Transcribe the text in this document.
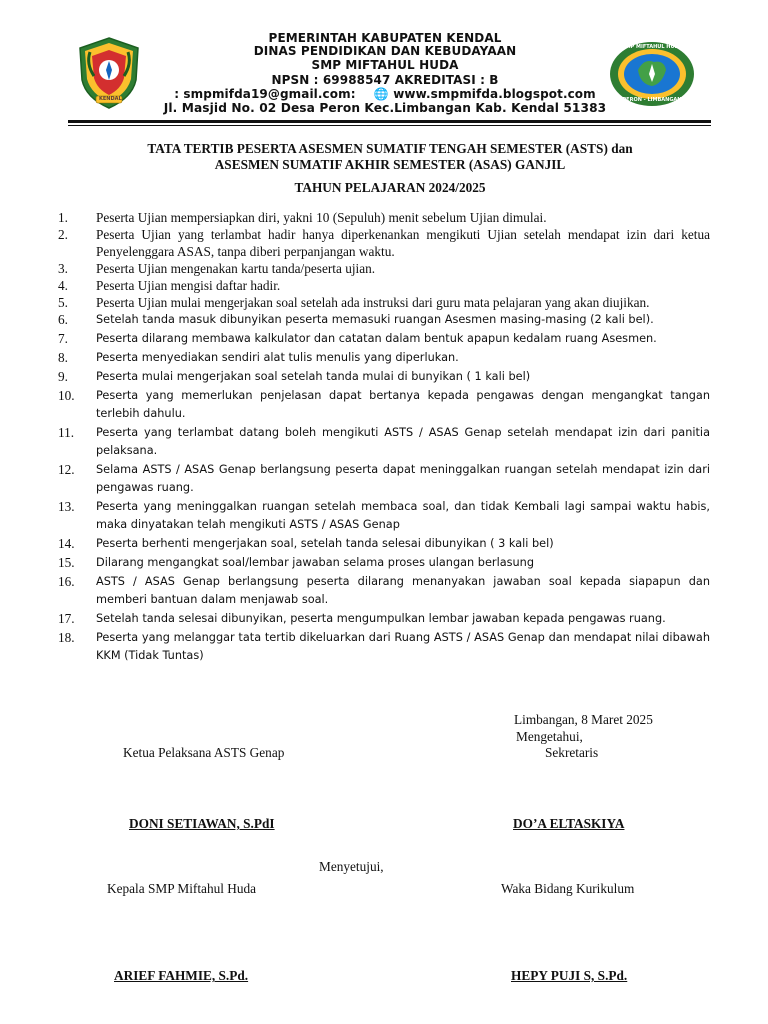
KENDAL
SMP MIFTAHUL HUDA
PERON - LIMBANGAN
PEMERINTAH KABUPATEN KENDAL
DINAS PENDIDIKAN DAN KEBUDAYAAN
SMP MIFTAHUL HUDA
NPSN : 69988547 AKREDITASI : B
: smpmifda19@gmail.com: 🌐 www.smpmifda.blogspot.com
Jl. Masjid No. 02 Desa Peron Kec.Limbangan Kab. Kendal 51383
TATA TERTIB PESERTA ASESMEN SUMATIF TENGAH SEMESTER (ASTS) dan
ASESMEN SUMATIF AKHIR SEMESTER (ASAS) GANJIL
TAHUN PELAJARAN 2024/2025
1.	Peserta Ujian mempersiapkan diri, yakni 10 (Sepuluh) menit sebelum Ujian dimulai.
2.	Peserta Ujian yang terlambat hadir hanya diperkenankan mengikuti Ujian setelah mendapat izin dari ketua Penyelenggara ASAS, tanpa diberi perpanjangan waktu.
3.	Peserta Ujian mengenakan kartu tanda/peserta ujian.
4.	Peserta Ujian mengisi daftar hadir.
5.	Peserta Ujian mulai mengerjakan soal setelah ada instruksi dari guru mata pelajaran yang akan diujikan.
6.	Setelah tanda masuk dibunyikan peserta memasuki ruangan Asesmen masing-masing (2 kali bel).
7.	Peserta dilarang membawa kalkulator dan catatan dalam bentuk apapun kedalam ruang Asesmen.
8.	Peserta menyediakan sendiri alat tulis menulis yang diperlukan.
9.	Peserta mulai mengerjakan soal setelah tanda mulai di bunyikan ( 1 kali bel)
10.	Peserta yang memerlukan penjelasan dapat bertanya kepada pengawas dengan mengangkat tangan terlebih dahulu.
11.	Peserta yang terlambat datang boleh mengikuti ASTS / ASAS Genap setelah mendapat izin dari panitia pelaksana.
12.	Selama ASTS / ASAS Genap berlangsung peserta dapat meninggalkan ruangan setelah mendapat izin dari pengawas ruang.
13.	Peserta yang meninggalkan ruangan setelah membaca soal, dan tidak Kembali lagi sampai waktu habis, maka dinyatakan telah mengikuti ASTS / ASAS Genap
14.	Peserta berhenti mengerjakan soal, setelah tanda selesai dibunyikan ( 3 kali bel)
15.	Dilarang mengangkat soal/lembar jawaban selama proses ulangan berlasung
16.	ASTS / ASAS Genap berlangsung peserta dilarang menanyakan jawaban soal kepada siapapun dan memberi bantuan dalam menjawab soal.
17.	Setelah tanda selesai dibunyikan, peserta mengumpulkan lembar jawaban kepada pengawas ruang.
18.	Peserta yang melanggar tata tertib dikeluarkan dari Ruang ASTS / ASAS Genap dan mendapat nilai dibawah KKM (Tidak Tuntas)
Limbangan, 8 Maret 2025
Mengetahui,
Ketua Pelaksana ASTS Genap	Sekretaris
DONI SETIAWAN, S.PdI	DO’A ELTASKIYA
Menyetujui,
Kepala SMP Miftahul Huda	Waka Bidang Kurikulum
ARIEF FAHMIE, S.Pd.	HEPY PUJI S, S.Pd.
